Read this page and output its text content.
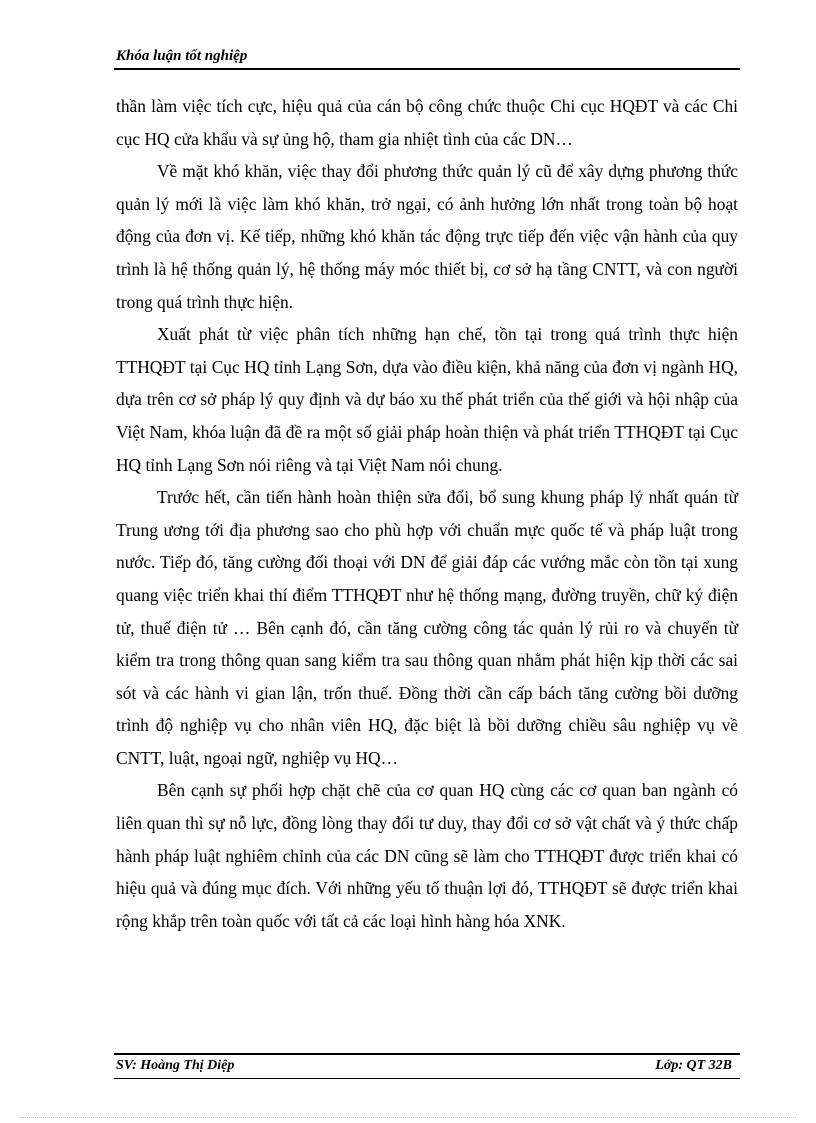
Khóa luận tốt nghiệp

thần làm việc tích cực, hiệu quả của cán bộ công chức thuộc Chi cục HQĐT và các Chi cục HQ cửa khẩu và sự ủng hộ, tham gia nhiệt tình của các DN…

Về mặt khó khăn, việc thay đổi phương thức quản lý cũ để xây dựng phương thức quản lý mới là việc làm khó khăn, trở ngại, có ảnh hưởng lớn nhất trong toàn bộ hoạt động của đơn vị. Kế tiếp, những khó khăn tác động trực tiếp đến việc vận hành của quy trình là hệ thống quản lý, hệ thống máy móc thiết bị, cơ sở hạ tầng CNTT, và con người trong quá trình thực hiện.

Xuất phát từ việc phân tích những hạn chế, tồn tại trong quá trình thực hiện TTHQĐT tại Cục HQ tỉnh Lạng Sơn, dựa vào điều kiện, khả năng của đơn vị ngành HQ, dựa trên cơ sở pháp lý quy định và dự báo xu thế phát triển của thế giới và hội nhập của Việt Nam, khóa luận đã đề ra một số giải pháp hoàn thiện và phát triển TTHQĐT tại Cục HQ tỉnh Lạng Sơn nói riêng và tại Việt Nam nói chung.

Trước hết, cần tiến hành hoàn thiện sửa đổi, bổ sung khung pháp lý nhất quán từ Trung ương tới địa phương sao cho phù hợp với chuẩn mực quốc tế và pháp luật trong nước. Tiếp đó, tăng cường đối thoại với DN để giải đáp các vướng mắc còn tồn tại xung quang việc triển khai thí điểm TTHQĐT như hệ thống mạng, đường truyền, chữ ký điện tử, thuế điện tử … Bên cạnh đó, cần tăng cường công tác quản lý rủi ro và chuyển từ kiểm tra trong thông quan sang kiểm tra sau thông quan nhằm phát hiện kịp thời các sai sót và các hành vi gian lận, trốn thuế. Đồng thời cần cấp bách tăng cường bồi dưỡng trình độ nghiệp vụ cho nhân viên HQ, đặc biệt là bồi dưỡng chiều sâu nghiệp vụ về CNTT, luật, ngoại ngữ, nghiệp vụ HQ…

Bên cạnh sự phối hợp chặt chẽ của cơ quan HQ cùng các cơ quan ban ngành có liên quan thì sự nỗ lực, đồng lòng thay đổi tư duy, thay đổi cơ sở vật chất và ý thức chấp hành pháp luật nghiêm chỉnh của các DN cũng sẽ làm cho TTHQĐT được triển khai có hiệu quả và đúng mục đích. Với những yếu tố thuận lợi đó, TTHQĐT sẽ được triển khai rộng khắp trên toàn quốc với tất cả các loại hình hàng hóa XNK.

SV: Hoàng Thị Diệp	Lớp: QT 32B
